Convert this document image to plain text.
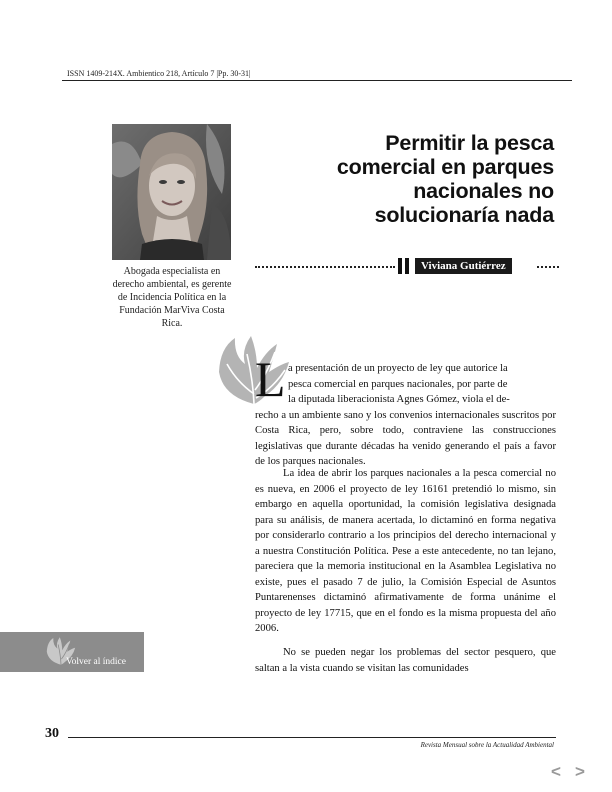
ISSN 1409-214X. Ambientico 218, Artículo 7 |Pp. 30-31|
Abogada especialista en derecho ambiental, es gerente de Incidencia Política en la Fundación MarViva Costa Rica.
Permitir la pesca
comercial en parques
nacionales no
solucionaría nada
Viviana Gutiérrez
L a presentación de un proyecto de ley que autorice la
pesca comercial en parques nacionales, por parte de
la diputada liberacionista Agnes Gómez, viola el de-
recho a un ambiente sano y los convenios internacionales suscritos por Costa Rica, pero, sobre todo, contraviene las construcciones legislativas que durante décadas ha venido generando el país a favor de los parques nacionales.
La idea de abrir los parques nacionales a la pesca comercial no es nueva, en 2006 el proyecto de ley 16161 pretendió lo mismo, sin embargo en aquella oportunidad, la comisión legislativa designada para su análisis, de manera acertada, lo dictaminó en forma negativa por considerarlo contrario a los principios del derecho internacional y a nuestra Constitución Política. Pese a este antecedente, no tan lejano, pareciera que la memoria institucional en la Asamblea Legislativa no existe, pues el pasado 7 de julio, la Comisión Especial de Asuntos Puntarenenses dictaminó afirmativamente de forma unánime el proyecto de ley 17715, que en el fondo es la misma propuesta del año 2006.
No se pueden negar los problemas del sector pesquero, que saltan a la vista cuando se visitan las comunidades
Volver al índice
30
Revista Mensual sobre la Actualidad Ambiental
< >
